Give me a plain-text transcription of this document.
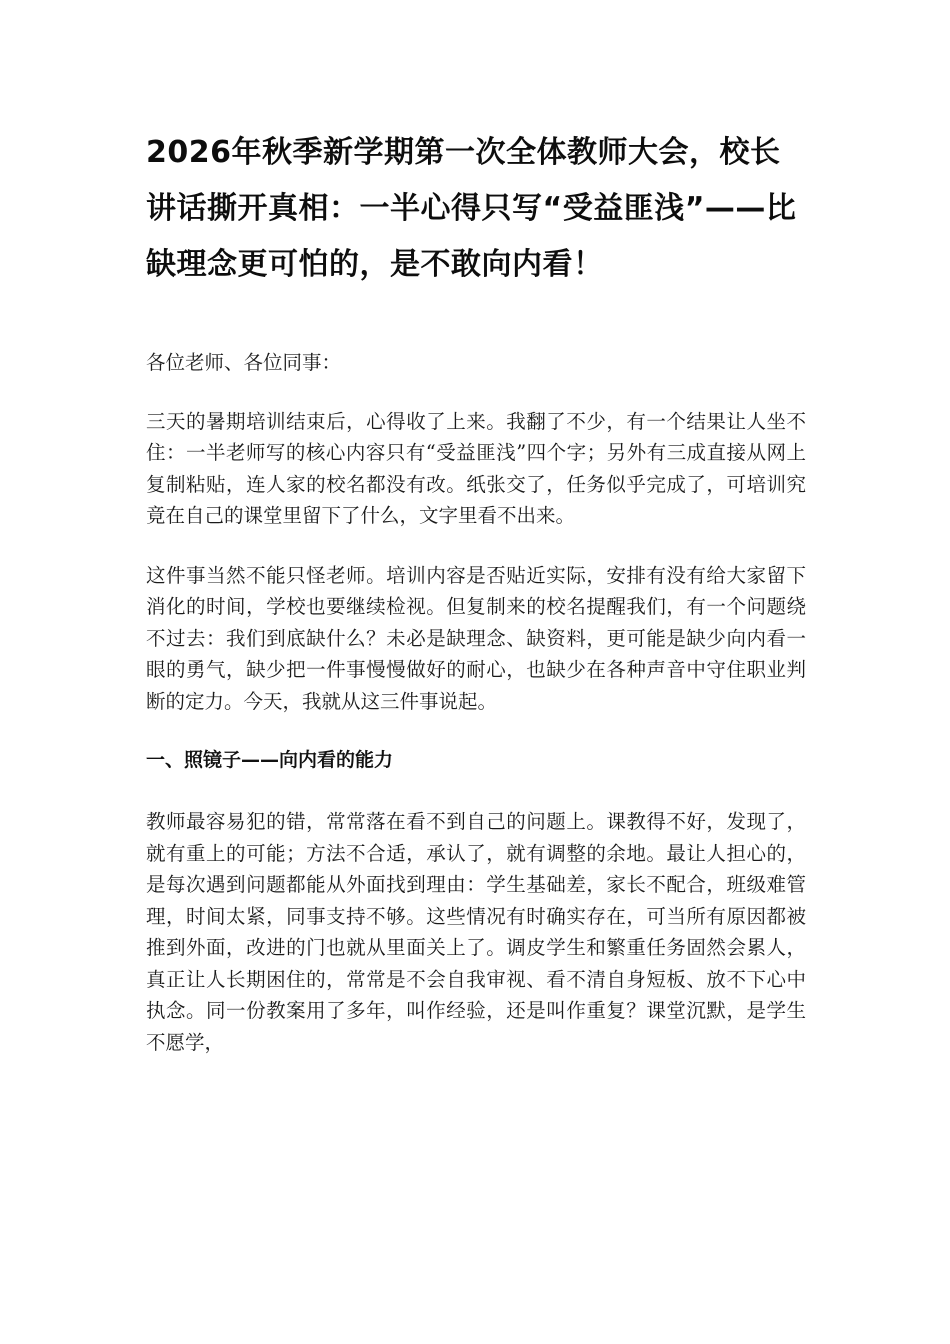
2026年秋季新学期第一次全体教师大会，校长讲话撕开真相：一半心得只写“受益匪浅”——比缺理念更可怕的，是不敢向内看！

各位老师、各位同事：

三天的暑期培训结束后，心得收了上来。我翻了不少，有一个结果让人坐不住：一半老师写的核心内容只有“受益匪浅”四个字；另外有三成直接从网上复制粘贴，连人家的校名都没有改。纸张交了，任务似乎完成了，可培训究竟在自己的课堂里留下了什么，文字里看不出来。

这件事当然不能只怪老师。培训内容是否贴近实际，安排有没有给大家留下消化的时间，学校也要继续检视。但复制来的校名提醒我们，有一个问题绕不过去：我们到底缺什么？未必是缺理念、缺资料，更可能是缺少向内看一眼的勇气，缺少把一件事慢慢做好的耐心，也缺少在各种声音中守住职业判断的定力。今天，我就从这三件事说起。

一、照镜子——向内看的能力

教师最容易犯的错，常常落在看不到自己的问题上。课教得不好，发现了，就有重上的可能；方法不合适，承认了，就有调整的余地。最让人担心的，是每次遇到问题都能从外面找到理由：学生基础差，家长不配合，班级难管理，时间太紧，同事支持不够。这些情况有时确实存在，可当所有原因都被推到外面，改进的门也就从里面关上了。调皮学生和繁重任务固然会累人，真正让人长期困住的，常常是不会自我审视、看不清自身短板、放不下心中执念。同一份教案用了多年，叫作经验，还是叫作重复？课堂沉默，是学生不愿学，
